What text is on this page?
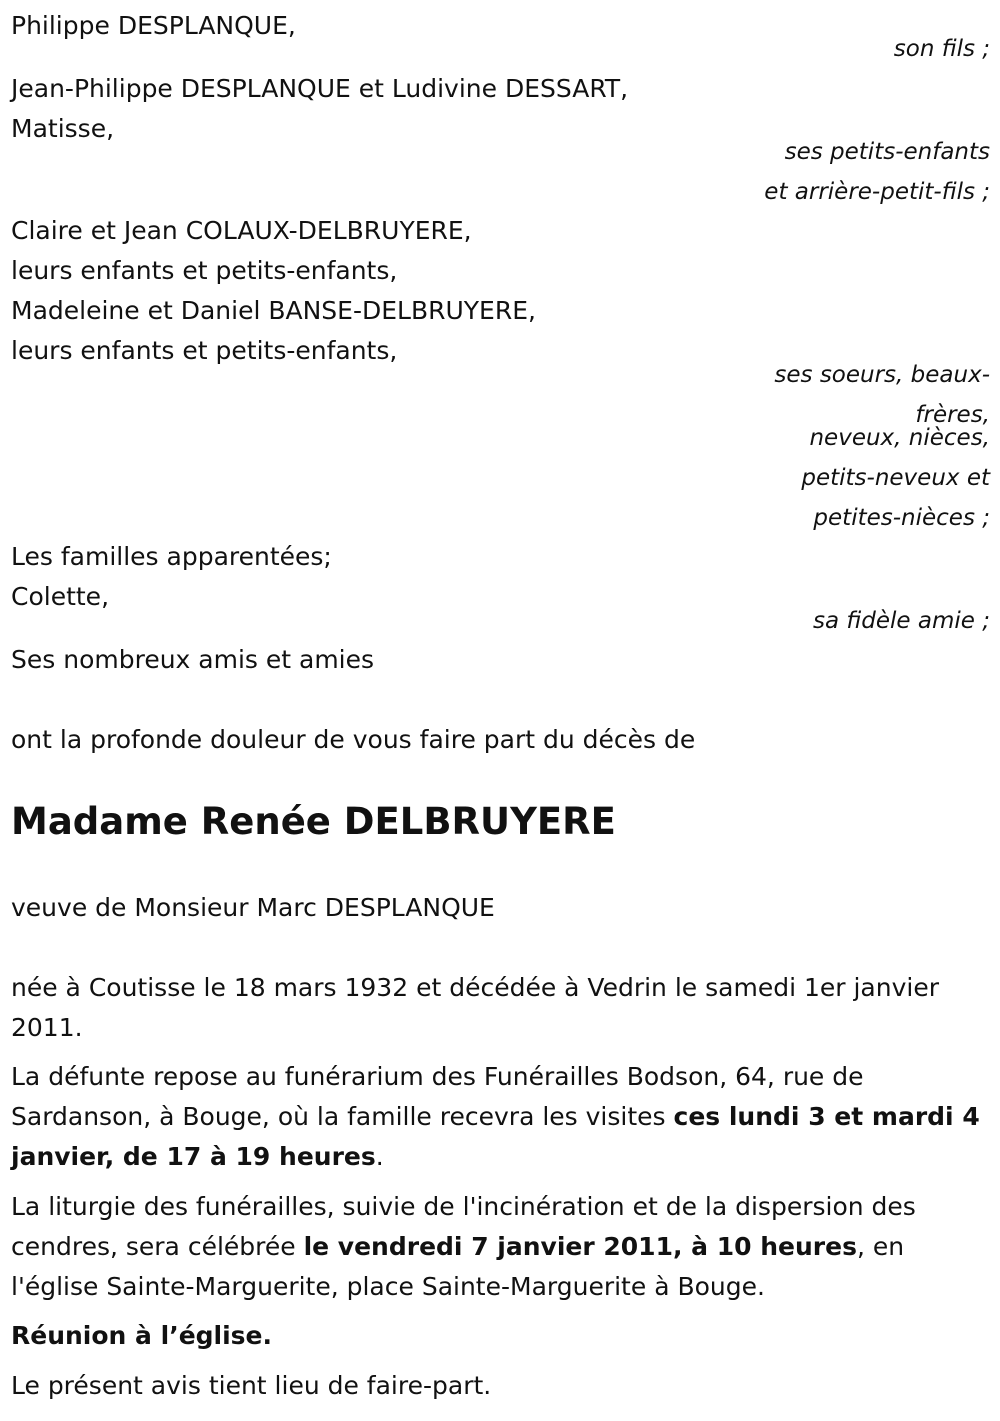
Philippe DESPLANQUE,
son fils ;
Jean-Philippe DESPLANQUE et Ludivine DESSART,
Matisse,
ses petits-enfants
et arrière-petit-fils ;
Claire et Jean COLAUX-DELBRUYERE,
leurs enfants et petits-enfants,
Madeleine et Daniel BANSE-DELBRUYERE,
leurs enfants et petits-enfants,
ses soeurs, beaux-
frères,
neveux, nièces,
petits-neveux et
petites-nièces ;
Les familles apparentées;
Colette,
sa fidèle amie ;
Ses nombreux amis et amies
ont la profonde douleur de vous faire part du décès de
Madame Renée DELBRUYERE
veuve de Monsieur Marc DESPLANQUE
née à Coutisse le 18 mars 1932 et décédée à Vedrin le samedi 1er janvier 2011.
La défunte repose au funérarium des Funérailles Bodson, 64, rue de Sardanson, à Bouge, où la famille recevra les visites ces lundi 3 et mardi 4 janvier, de 17 à 19 heures.
La liturgie des funérailles, suivie de l'incinération et de la dispersion des cendres, sera célébrée le vendredi 7 janvier 2011, à 10 heures, en l'église Sainte-Marguerite, place Sainte-Marguerite à Bouge.
Réunion à l’église.
Le présent avis tient lieu de faire-part.
